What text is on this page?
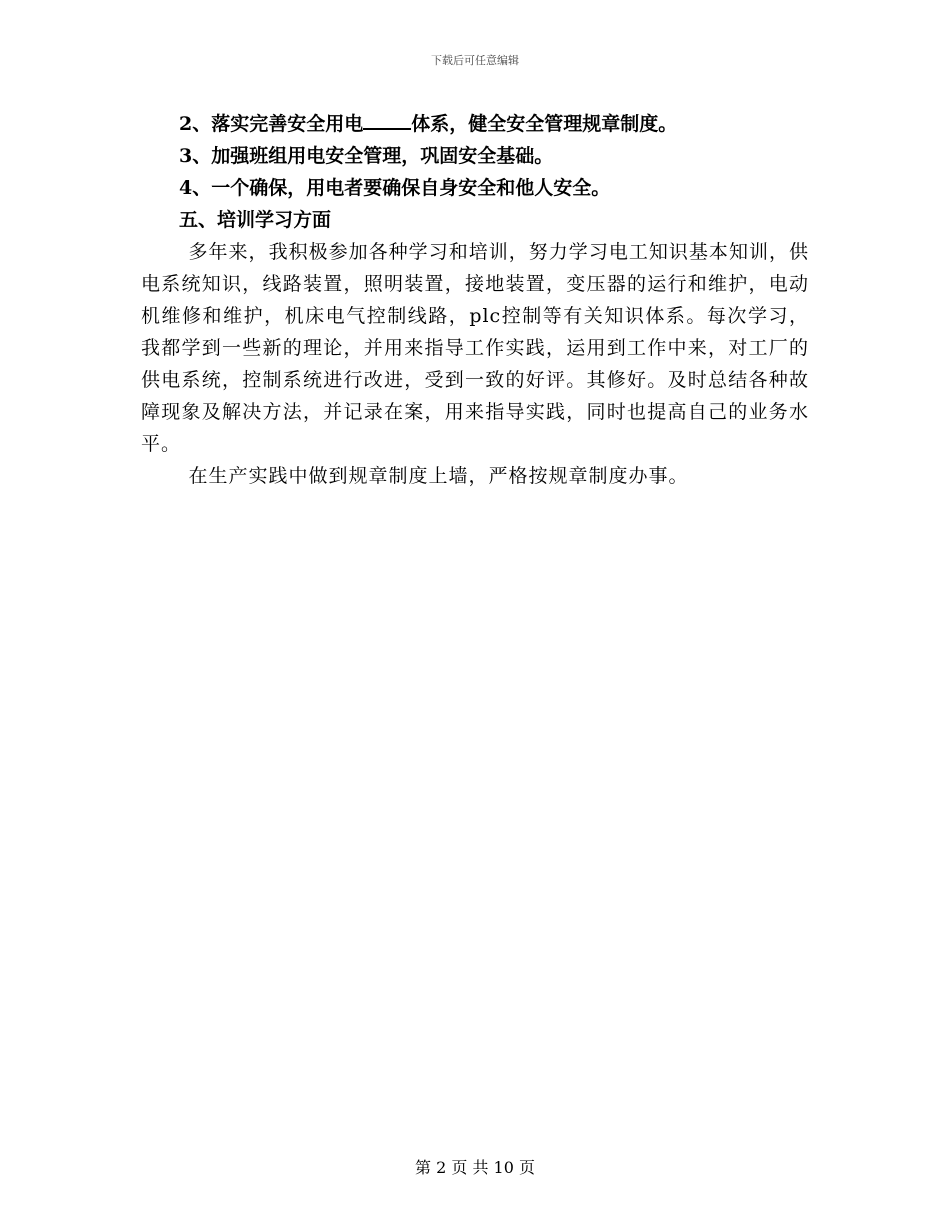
下载后可任意编辑

2、落实完善安全用电	体系，健全安全管理规章制度。

3、加强班组用电安全管理，巩固安全基础。

4、一个确保，用电者要确保自身安全和他人安全。

五、培训学习方面

多年来，我积极参加各种学习和培训，努力学习电工知识基本知训，供电系统知识，线路装置，照明装置，接地装置，变压器的运行和维护，电动机维修和维护，机床电气控制线路，plc控制等有关知识体系。每次学习，我都学到一些新的理论，并用来指导工作实践，运用到工作中来，对工厂的供电系统，控制系统进行改进，受到一致的好评。其修好。及时总结各种故障现象及解决方法，并记录在案，用来指导实践，同时也提高自己的业务水平。

在生产实践中做到规章制度上墙，严格按规章制度办事。

第 2 页 共 10 页
